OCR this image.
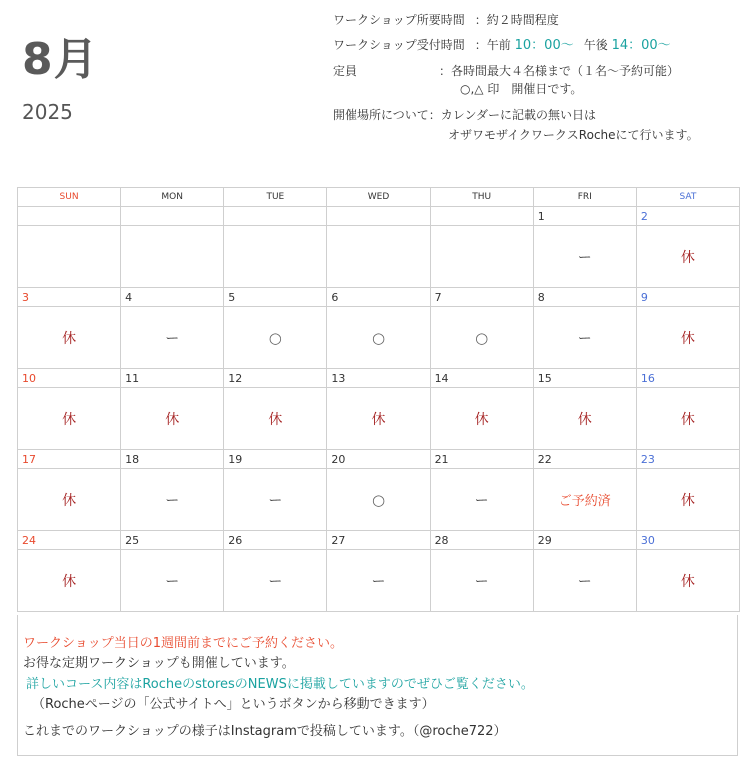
8月
2025
ワークショップ所要時間 ：約２時間程度
ワークショップ受付時間 ：午前 10：00〜 午後 14：00〜
定員	：各時間最大４名様まで（１名〜予約可能）
○,△ 印　開催日です。
開催場所について：カレンダーに記載の無い日は
オザワモザイクワークスRocheにて行います。
SUN	MON	TUE	WED	THU	FRI	SAT
					1	2
					ー	休
3	4	5	6	7	8	9
休	ー	○	○	○	ー	休
10	11	12	13	14	15	16
休	休	休	休	休	休	休
17	18	19	20	21	22	23
休	ー	ー	○	ー	ご予約済	休
24	25	26	27	28	29	30
休	ー	ー	ー	ー	ー	休
ワークショップ当日の1週間前までにご予約ください。
お得な定期ワークショップも開催しています。
詳しいコース内容はRocheのstoresのNEWSに掲載していますのでぜひご覧ください。
（Rocheページの「公式サイトへ」というボタンから移動できます）
これまでのワークショップの様子はInstagramで投稿しています。（@roche722）
